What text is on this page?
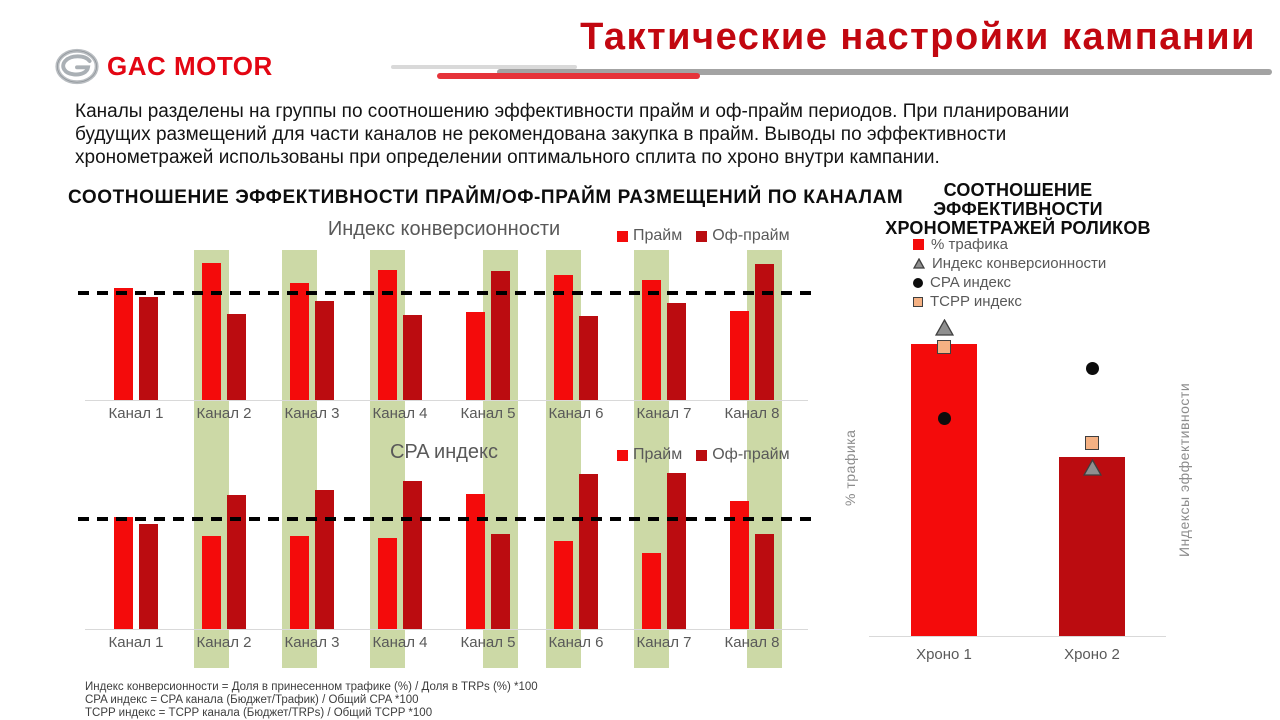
GAC MOTOR
Тактические настройки кампании
Каналы разделены на группы по соотношению эффективности прайм и оф-прайм периодов. При планировании
будущих размещений для части каналов не рекомендована закупка в прайм. Выводы по эффективности
хронометражей использованы при определении оптимального сплита по хроно внутри кампании.
СООТНОШЕНИЕ ЭФФЕКТИВНОСТИ ПРАЙМ/ОФ-ПРАЙМ РАЗМЕЩЕНИЙ ПО КАНАЛАМ	СООТНОШЕНИЕ ЭФФЕКТИВНОСТИ
ХРОНОМЕТРАЖЕЙ РОЛИКОВ
Индекс конверсионности	Прайм Оф-прайм
Канал 1	Канал 2	Канал 3	Канал 4	Канал 5	Канал 6	Канал 7	Канал 8
CPA индекс	Прайм Оф-прайм
Канал 1	Канал 2	Канал 3	Канал 4	Канал 5	Канал 6	Канал 7	Канал 8
% трафика
Индекс конверсионности
CPA индекс
TCPP индекс
Хроно 1	Хроно 2
% трафика	Индексы эффективности
Индекс конверсионности = Доля в принесенном трафике (%) / Доля в TRPs (%) *100
CPA индекс = CPA канала (Бюджет/Трафик) / Общий CPA *100
TCPP индекс = TCPP канала (Бюджет/TRPs) / Общий TCPP *100
